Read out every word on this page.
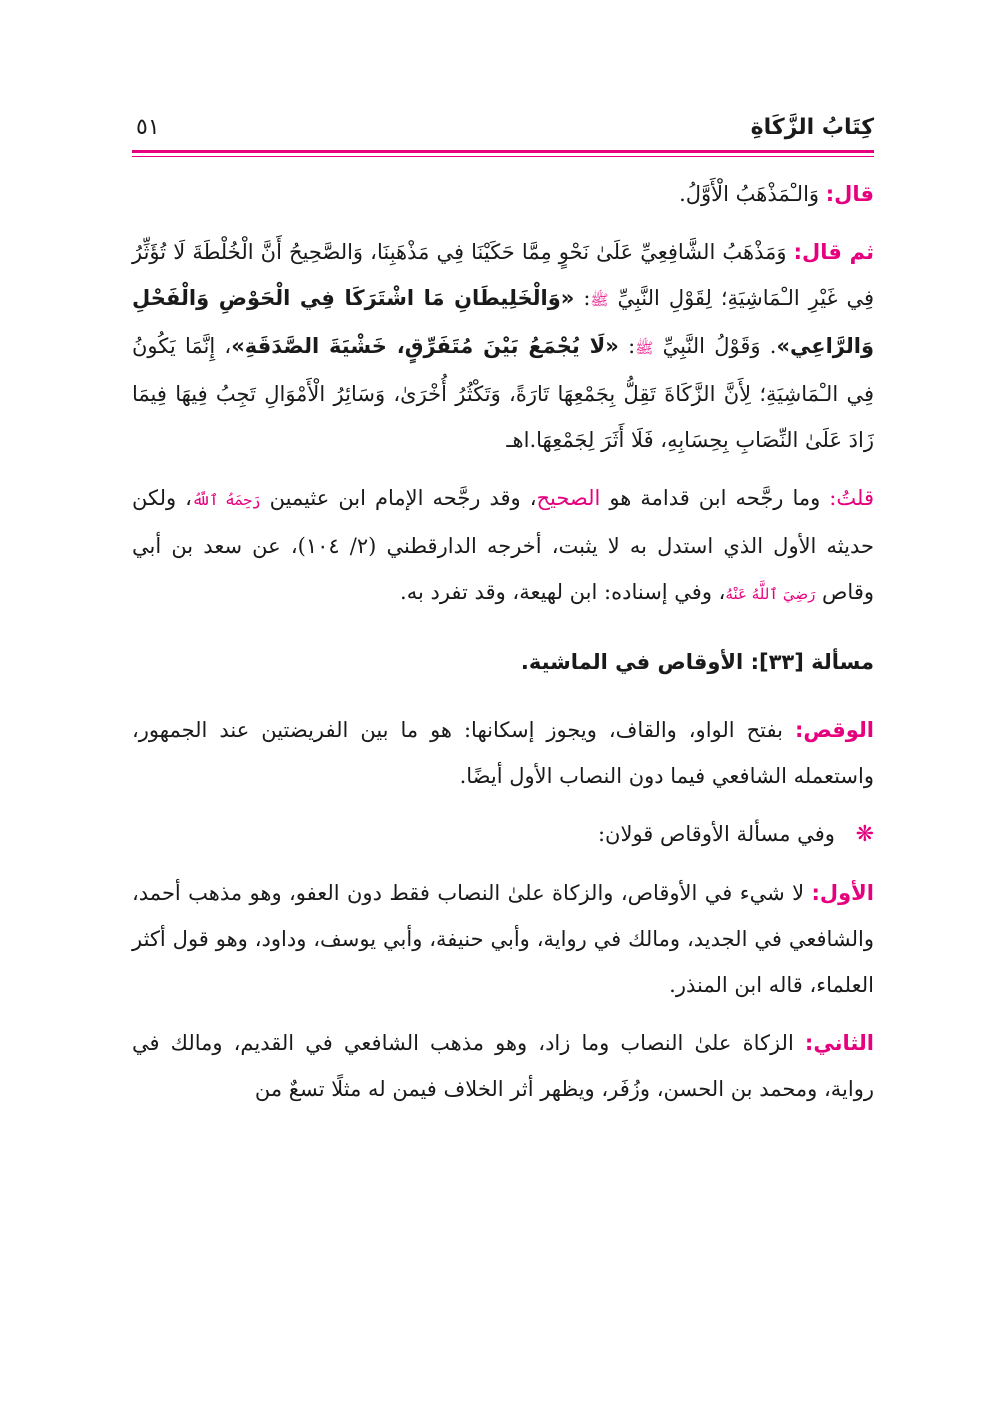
كِتَابُ الزَّكَاةِ
٥١

قال: وَالـْمَذْهَبُ الْأَوَّلُ.

ثم قال: وَمَذْهَبُ الشَّافِعِيِّ عَلَىٰ نَحْوٍ مِمَّا حَكَيْنَا فِي مَذْهَبِنَا، وَالصَّحِيحُ أَنَّ الْخُلْطَةَ لَا تُؤَثِّرُ فِي غَيْرِ الـْمَاشِيَةِ؛ لِقَوْلِ النَّبِيِّ ﷺ: «وَالْخَلِيطَانِ مَا اشْتَرَكَا فِي الْحَوْضِ وَالْفَحْلِ وَالرَّاعِي». وَقَوْلُ النَّبِيِّ ﷺ: «لَا يُجْمَعُ بَيْنَ مُتَفَرِّقٍ، خَشْيَةَ الصَّدَقَةِ»، إِنَّمَا يَكُونُ فِي الـْمَاشِيَةِ؛ لِأَنَّ الزَّكَاةَ تَقِلُّ بِجَمْعِهَا تَارَةً، وَتَكْثُرُ أُخْرَىٰ، وَسَائِرُ الْأَمْوَالِ تَجِبُ فِيهَا فِيمَا زَادَ عَلَىٰ النِّصَابِ بِحِسَابِهِ، فَلَا أَثَرَ لِجَمْعِهَا.اهـ

قلتُ: وما رجَّحه ابن قدامة هو الصحيح، وقد رجَّحه الإمام ابن عثيمين رَحِمَهُ ٱللَّهُ، ولكن حديثه الأول الذي استدل به لا يثبت، أخرجه الدارقطني (٢/ ١٠٤)، عن سعد بن أبي وقاص رَضِيَ ٱللَّهُ عَنْهُ، وفي إسناده: ابن لهيعة، وقد تفرد به.

مسألة [٣٣]: الأوقاص في الماشية.

الوقص: بفتح الواو، والقاف، ويجوز إسكانها: هو ما بين الفريضتين عند الجمهور، واستعمله الشافعي فيما دون النصاب الأول أيضًا.

❋ وفي مسألة الأوقاص قولان:

الأول: لا شيء في الأوقاص، والزكاة علىٰ النصاب فقط دون العفو، وهو مذهب أحمد، والشافعي في الجديد، ومالك في رواية، وأبي حنيفة، وأبي يوسف، وداود، وهو قول أكثر العلماء، قاله ابن المنذر.

الثاني: الزكاة علىٰ النصاب وما زاد، وهو مذهب الشافعي في القديم، ومالك في رواية، ومحمد بن الحسن، وزُفَر، ويظهر أثر الخلاف فيمن له مثلًا تسعٌ من
